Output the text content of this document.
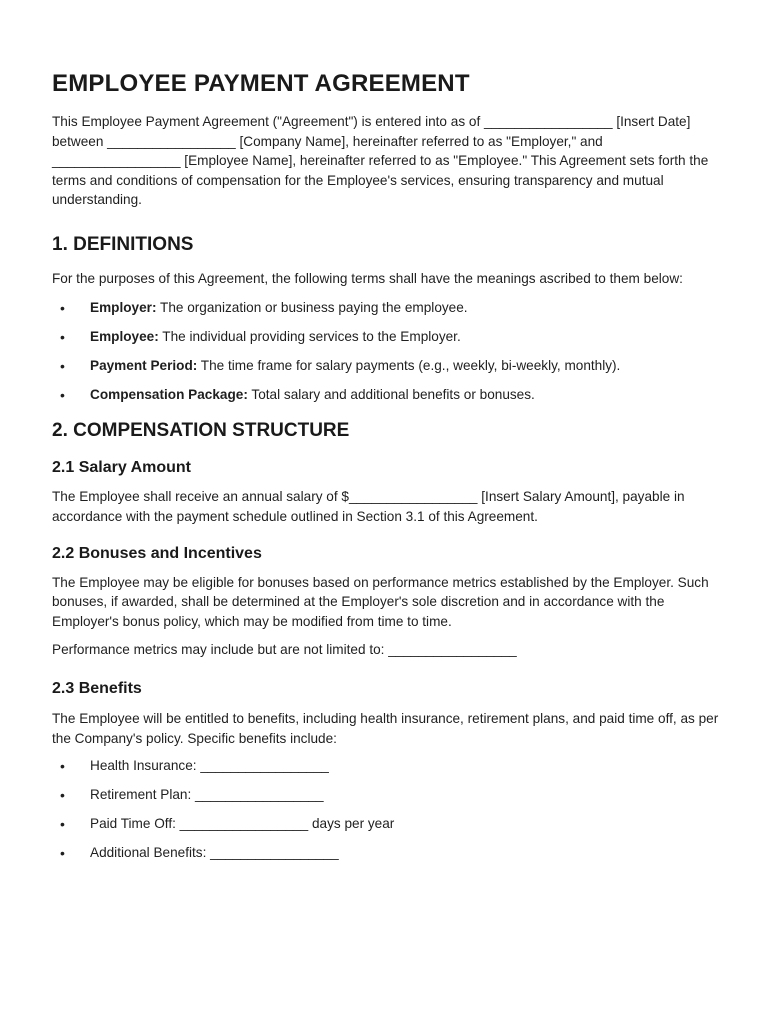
EMPLOYEE PAYMENT AGREEMENT

This Employee Payment Agreement ("Agreement") is entered into as of _________________ [Insert Date] between _________________ [Company Name], hereinafter referred to as "Employer," and _________________ [Employee Name], hereinafter referred to as "Employee." This Agreement sets forth the terms and conditions of compensation for the Employee's services, ensuring transparency and mutual understanding.

1. DEFINITIONS

For the purposes of this Agreement, the following terms shall have the meanings ascribed to them below:

• Employer: The organization or business paying the employee.
• Employee: The individual providing services to the Employer.
• Payment Period: The time frame for salary payments (e.g., weekly, bi-weekly, monthly).
• Compensation Package: Total salary and additional benefits or bonuses.
2. COMPENSATION STRUCTURE
2.1 Salary Amount

The Employee shall receive an annual salary of $_________________ [Insert Salary Amount], payable in accordance with the payment schedule outlined in Section 3.1 of this Agreement.

2.2 Bonuses and Incentives

The Employee may be eligible for bonuses based on performance metrics established by the Employer. Such bonuses, if awarded, shall be determined at the Employer's sole discretion and in accordance with the Employer's bonus policy, which may be modified from time to time.

Performance metrics may include but are not limited to: _________________

2.3 Benefits

The Employee will be entitled to benefits, including health insurance, retirement plans, and paid time off, as per the Company's policy. Specific benefits include:

• Health Insurance: _________________
• Retirement Plan: _________________
• Paid Time Off: _________________ days per year
• Additional Benefits: _________________
